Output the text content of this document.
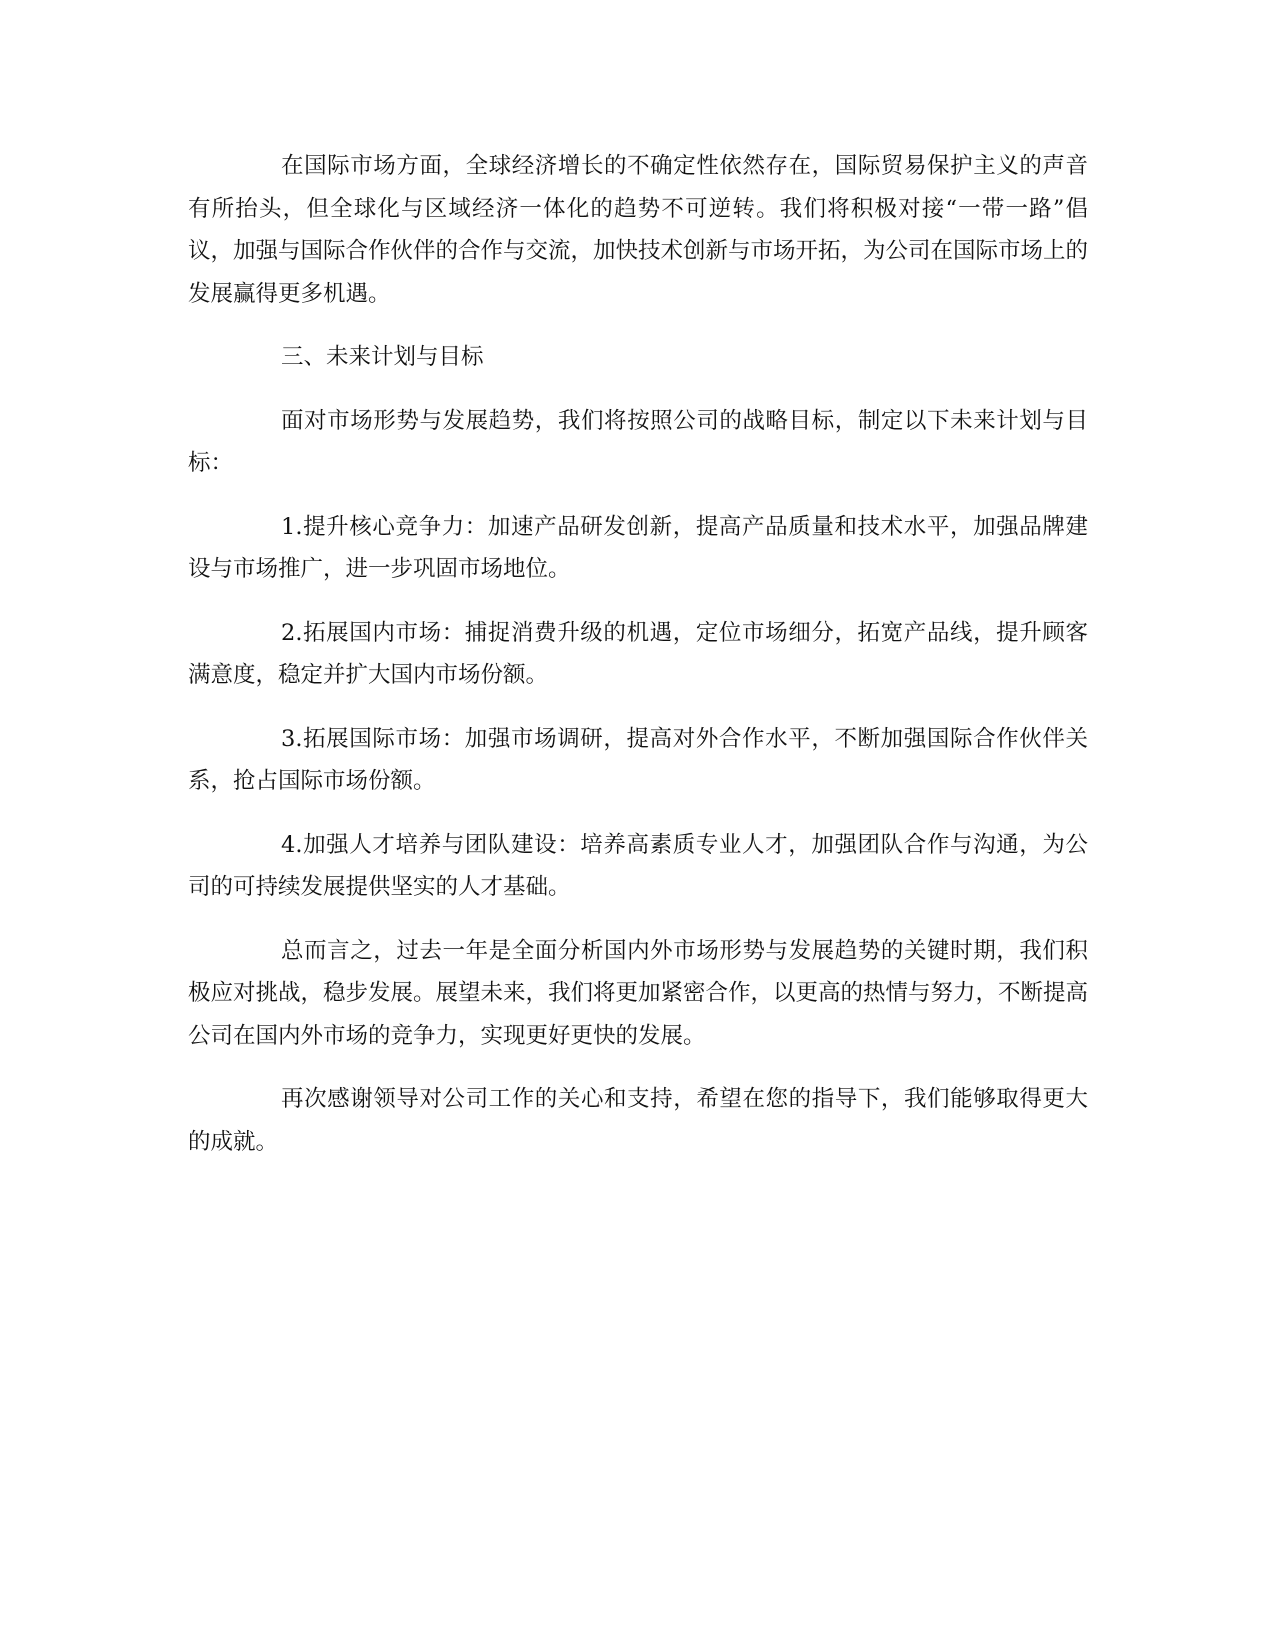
在国际市场方面，全球经济增长的不确定性依然存在，国际贸易保护主义的声音有所抬头，但全球化与区域经济一体化的趋势不可逆转。我们将积极对接“一带一路”倡议，加强与国际合作伙伴的合作与交流，加快技术创新与市场开拓，为公司在国际市场上的发展赢得更多机遇。

三、未来计划与目标

面对市场形势与发展趋势，我们将按照公司的战略目标，制定以下未来计划与目标：

1.提升核心竞争力：加速产品研发创新，提高产品质量和技术水平，加强品牌建设与市场推广，进一步巩固市场地位。

2.拓展国内市场：捕捉消费升级的机遇，定位市场细分，拓宽产品线，提升顾客满意度，稳定并扩大国内市场份额。

3.拓展国际市场：加强市场调研，提高对外合作水平，不断加强国际合作伙伴关系，抢占国际市场份额。

4.加强人才培养与团队建设：培养高素质专业人才，加强团队合作与沟通，为公司的可持续发展提供坚实的人才基础。

总而言之，过去一年是全面分析国内外市场形势与发展趋势的关键时期，我们积极应对挑战，稳步发展。展望未来，我们将更加紧密合作，以更高的热情与努力，不断提高公司在国内外市场的竞争力，实现更好更快的发展。

再次感谢领导对公司工作的关心和支持，希望在您的指导下，我们能够取得更大的成就。
